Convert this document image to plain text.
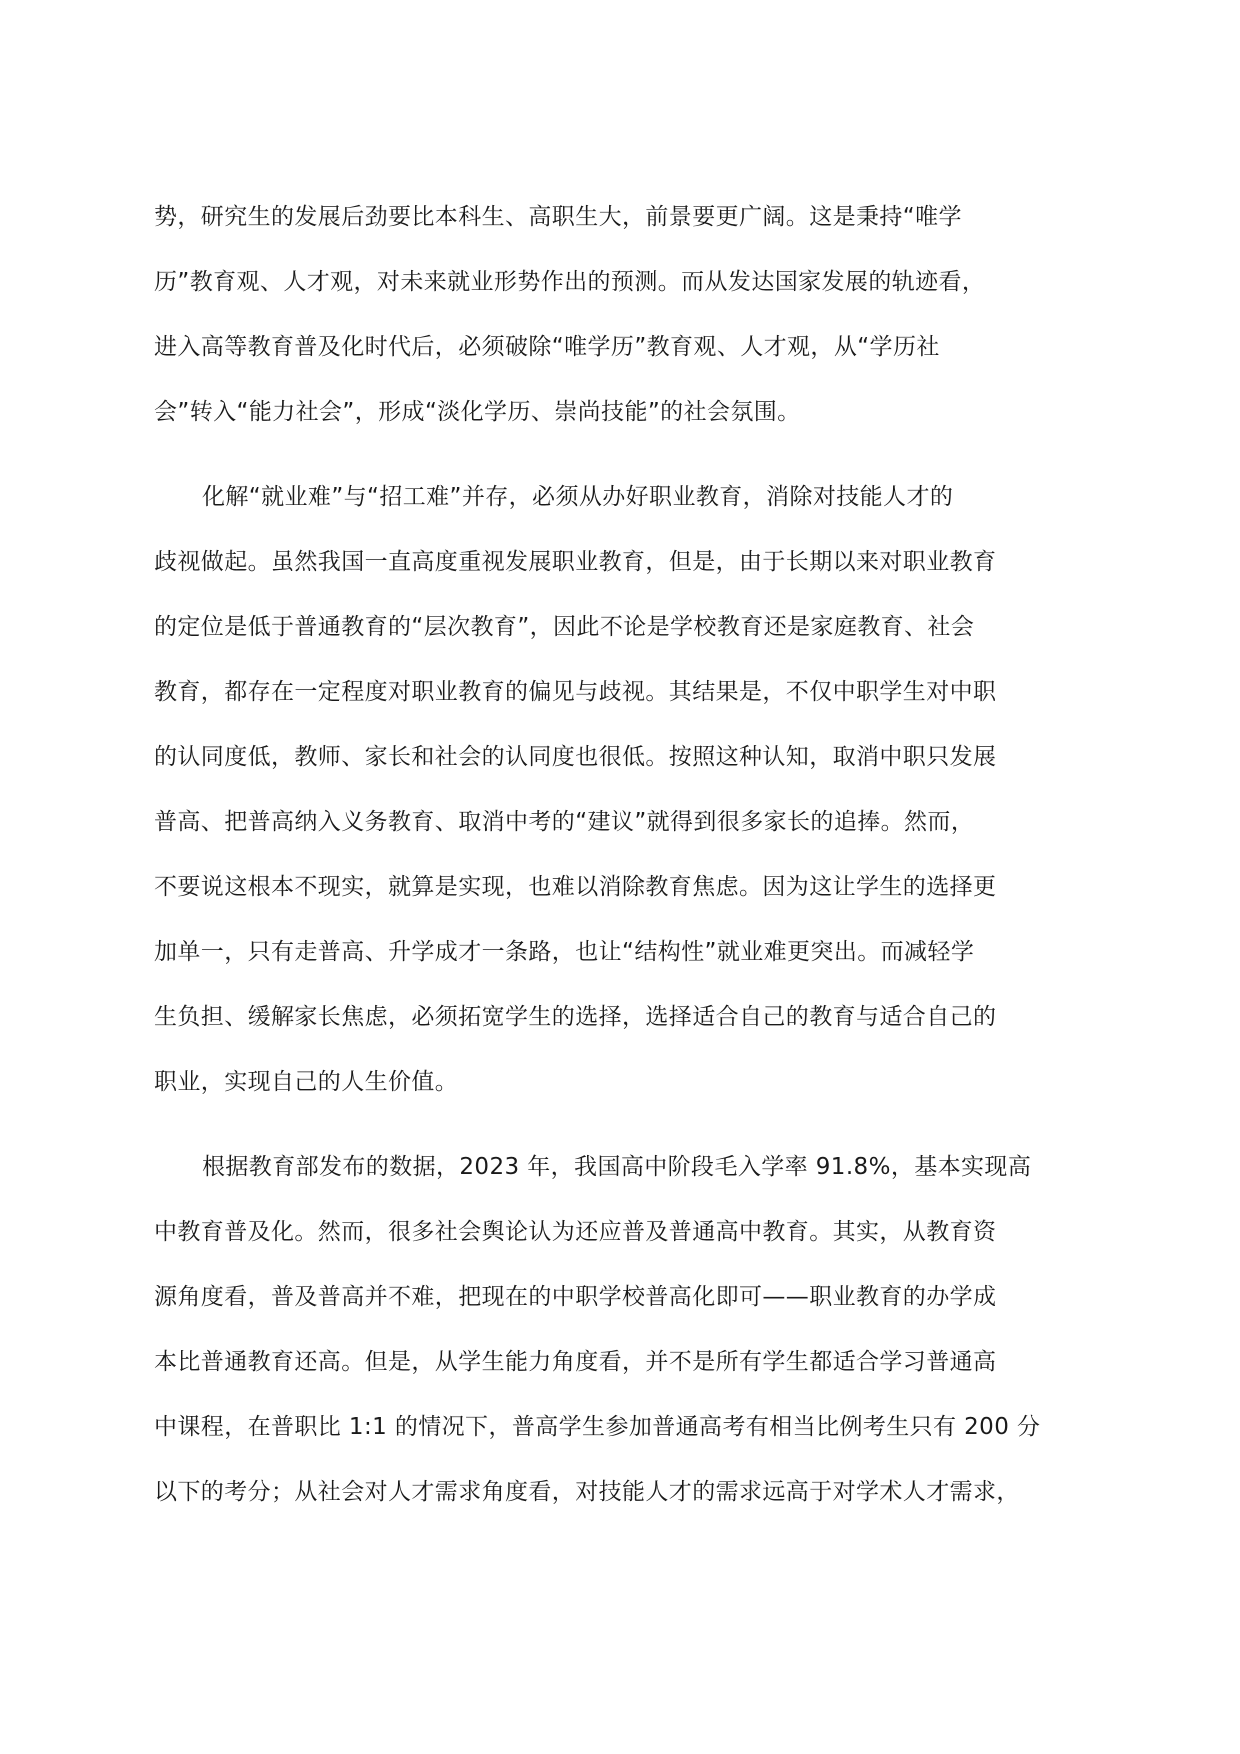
势，研究生的发展后劲要比本科生、高职生大，前景要更广阔。这是秉持“唯学
历”教育观、人才观，对未来就业形势作出的预测。而从发达国家发展的轨迹看，
进入高等教育普及化时代后，必须破除“唯学历”教育观、人才观，从“学历社
会”转入“能力社会”，形成“淡化学历、崇尚技能”的社会氛围。
化解“就业难”与“招工难”并存，必须从办好职业教育，消除对技能人才的
歧视做起。虽然我国一直高度重视发展职业教育，但是，由于长期以来对职业教育
的定位是低于普通教育的“层次教育”，因此不论是学校教育还是家庭教育、社会
教育，都存在一定程度对职业教育的偏见与歧视。其结果是，不仅中职学生对中职
的认同度低，教师、家长和社会的认同度也很低。按照这种认知，取消中职只发展
普高、把普高纳入义务教育、取消中考的“建议”就得到很多家长的追捧。然而，
不要说这根本不现实，就算是实现，也难以消除教育焦虑。因为这让学生的选择更
加单一，只有走普高、升学成才一条路，也让“结构性”就业难更突出。而减轻学
生负担、缓解家长焦虑，必须拓宽学生的选择，选择适合自己的教育与适合自己的
职业，实现自己的人生价值。
根据教育部发布的数据，2023 年，我国高中阶段毛入学率 91.8%，基本实现高
中教育普及化。然而，很多社会舆论认为还应普及普通高中教育。其实，从教育资
源角度看，普及普高并不难，把现在的中职学校普高化即可——职业教育的办学成
本比普通教育还高。但是，从学生能力角度看，并不是所有学生都适合学习普通高
中课程，在普职比 1:1 的情况下，普高学生参加普通高考有相当比例考生只有 200 分
以下的考分；从社会对人才需求角度看，对技能人才的需求远高于对学术人才需求，
